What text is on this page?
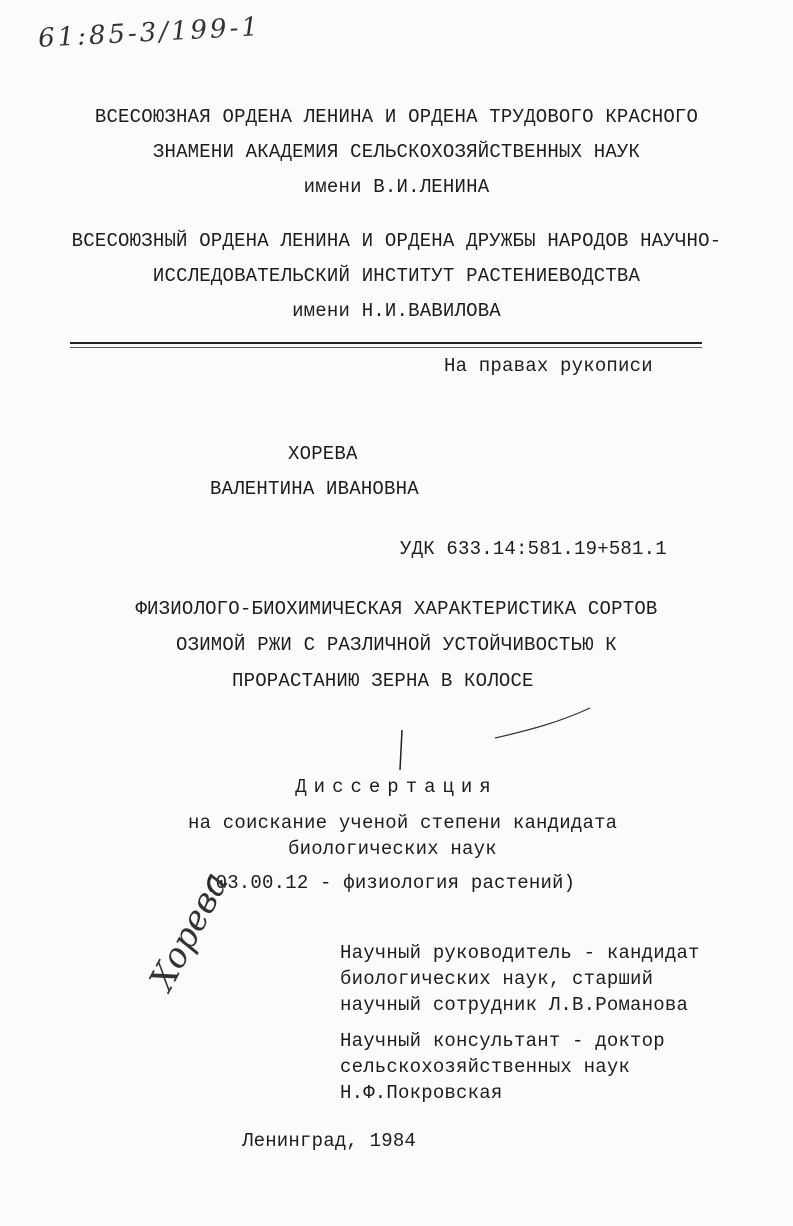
61:85-3/199-1
ВСЕСОЮЗНАЯ ОРДЕНА ЛЕНИНА И ОРДЕНА ТРУДОВОГО КРАСНОГО
ЗНАМЕНИ АКАДЕМИЯ СЕЛЬСКОХОЗЯЙСТВЕННЫХ НАУК
имени В.И.ЛЕНИНА
ВСЕСОЮЗНЫЙ ОРДЕНА ЛЕНИНА И ОРДЕНА ДРУЖБЫ НАРОДОВ НАУЧНО-
ИССЛЕДОВАТЕЛЬСКИЙ ИНСТИТУТ РАСТЕНИЕВОДСТВА
имени Н.И.ВАВИЛОВА
На правах рукописи
ХОРЕВА
ВАЛЕНТИНА ИВАНОВНА
УДК 633.14:581.19+581.1
ФИЗИОЛОГО-БИОХИМИЧЕСКАЯ ХАРАКТЕРИСТИКА СОРТОВ
ОЗИМОЙ РЖИ С РАЗЛИЧНОЙ УСТОЙЧИВОСТЬЮ К
ПРОРАСТАНИЮ ЗЕРНА В КОЛОСЕ
Диссертация
на соискание ученой степени кандидата
биологических наук
(03.00.12 - физиология растений)
Хорева	Научный руководитель - кандидат
биологических наук, старший
научный сотрудник Л.В.Романова
Научный консультант - доктор
сельскохозяйственных наук
Н.Ф.Покровская
Ленинград, 1984
